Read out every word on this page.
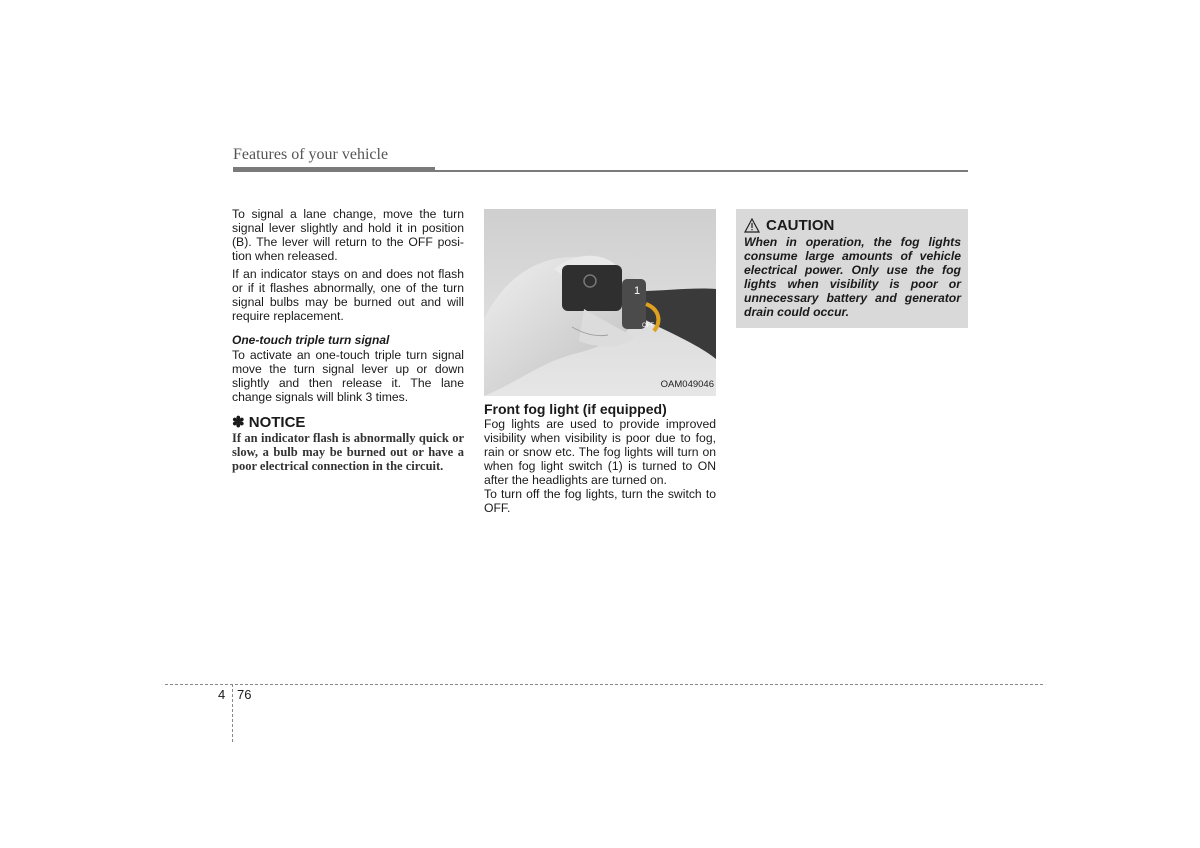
Features of your vehicle

To signal a lane change, move the turn signal lever slightly and hold it in position (B). The lever will return to the OFF posi-tion when released.

If an indicator stays on and does not flash or if it flashes abnormally, one of the turn signal bulbs may be burned out and will require replacement.

One-touch triple turn signal

To activate an one-touch triple turn signal move the turn signal lever up or down slightly and then release it. The lane change signals will blink 3 times.

✽ NOTICE
If an indicator flash is abnormally quick or slow, a bulb may be burned out or have a poor electrical connection in the circuit.
1
OFF
OAM049046
Front fog light (if equipped)

Fog lights are used to provide improved visibility when visibility is poor due to fog, rain or snow etc. The fog lights will turn on when fog light switch (1) is turned to ON after the headlights are turned on.

To turn off the fog lights, turn the switch to OFF.

CAUTION
When in operation, the fog lights consume large amounts of vehicle electrical power. Only use the fog lights when visibility is poor or unnecessary battery and generator drain could occur.
4 76
